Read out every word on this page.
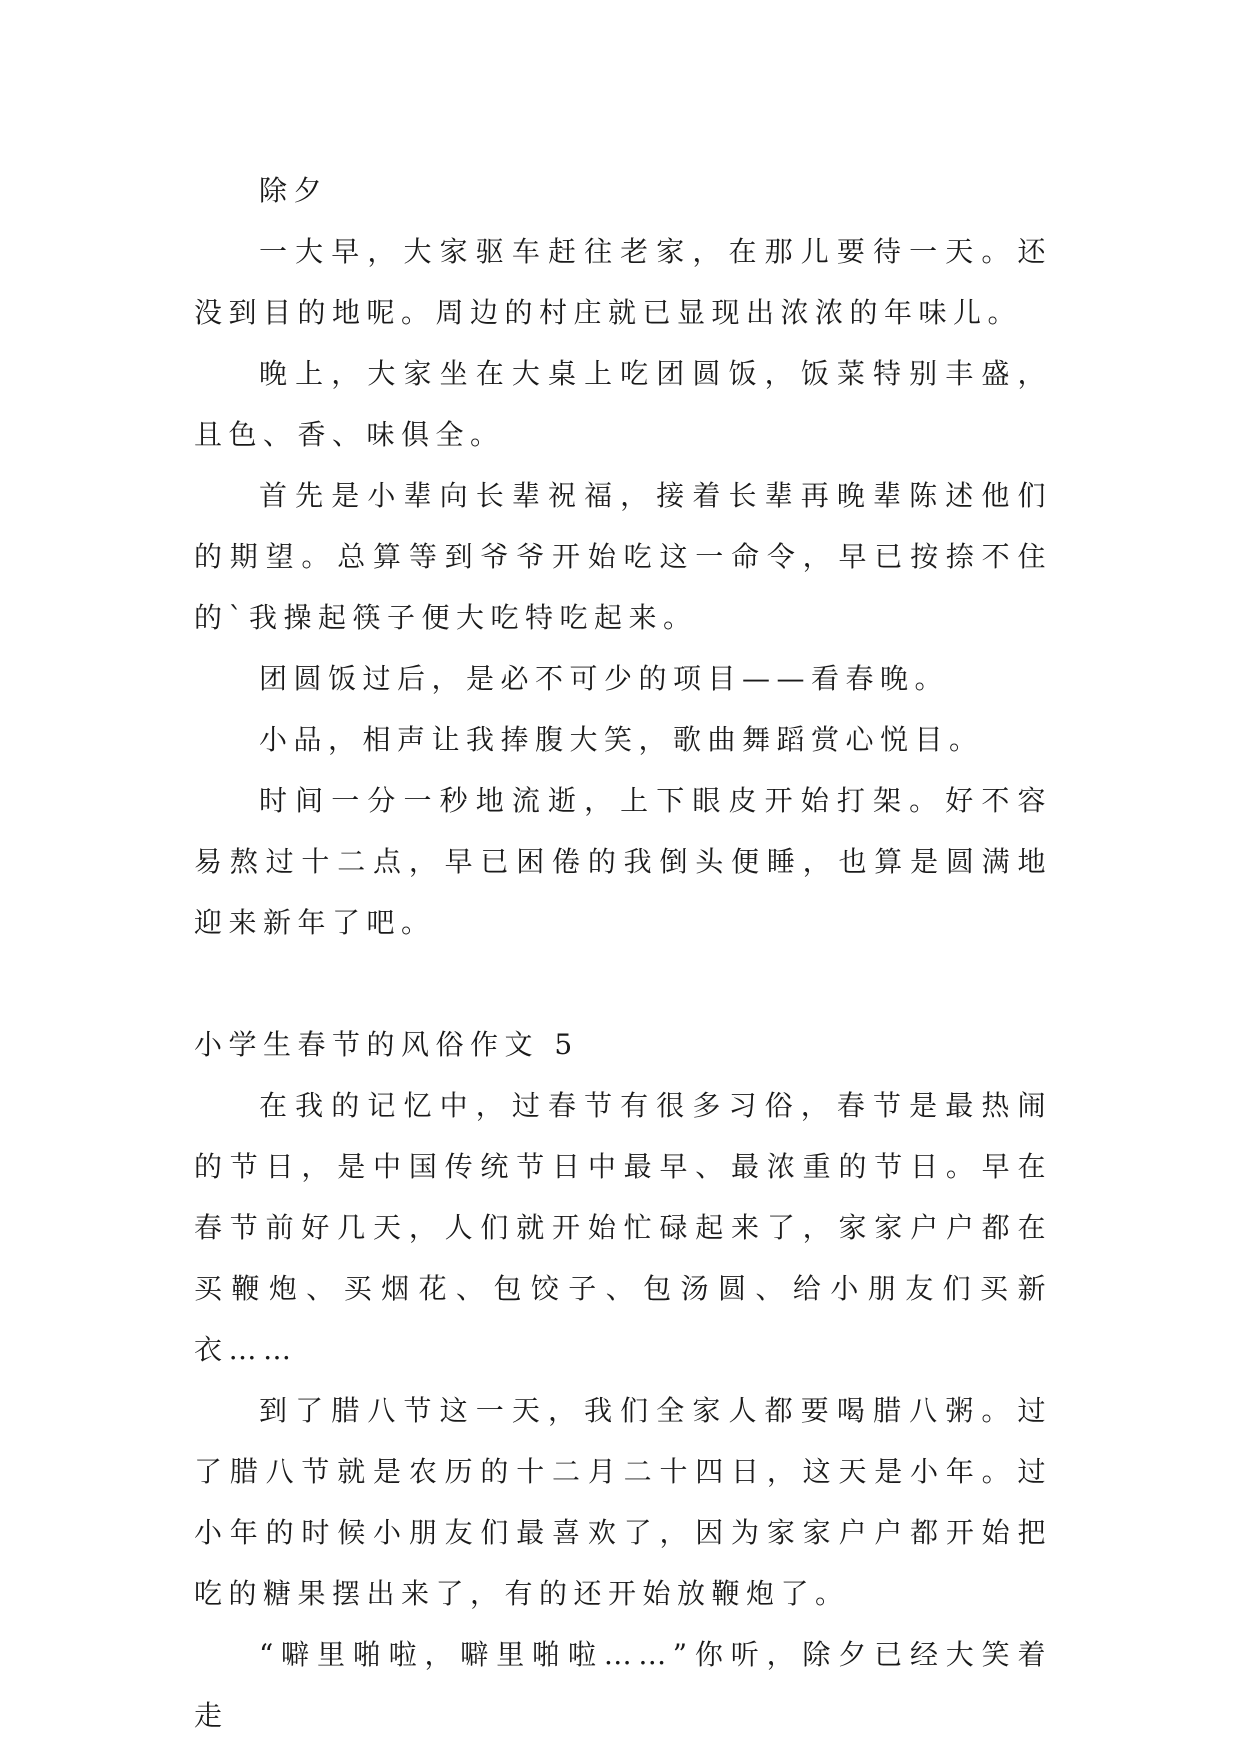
除夕

一大早，大家驱车赶往老家，在那儿要待一天。还没到目的地呢。周边的村庄就已显现出浓浓的年味儿。

晚上，大家坐在大桌上吃团圆饭，饭菜特别丰盛，且色、香、味俱全。

首先是小辈向长辈祝福，接着长辈再晚辈陈述他们的期望。总算等到爷爷开始吃这一命令，早已按捺不住的`我操起筷子便大吃特吃起来。

团圆饭过后，是必不可少的项目——看春晚。

小品，相声让我捧腹大笑，歌曲舞蹈赏心悦目。

时间一分一秒地流逝，上下眼皮开始打架。好不容易熬过十二点，早已困倦的我倒头便睡，也算是圆满地迎来新年了吧。

小学生春节的风俗作文 5

在我的记忆中，过春节有很多习俗，春节是最热闹的节日，是中国传统节日中最早、最浓重的节日。早在春节前好几天，人们就开始忙碌起来了，家家户户都在买鞭炮、买烟花、包饺子、包汤圆、给小朋友们买新衣……

到了腊八节这一天，我们全家人都要喝腊八粥。过了腊八节就是农历的十二月二十四日，这天是小年。过小年的时候小朋友们最喜欢了，因为家家户户都开始把吃的糖果摆出来了，有的还开始放鞭炮了。

“噼里啪啦，噼里啪啦……”你听，除夕已经大笑着走
